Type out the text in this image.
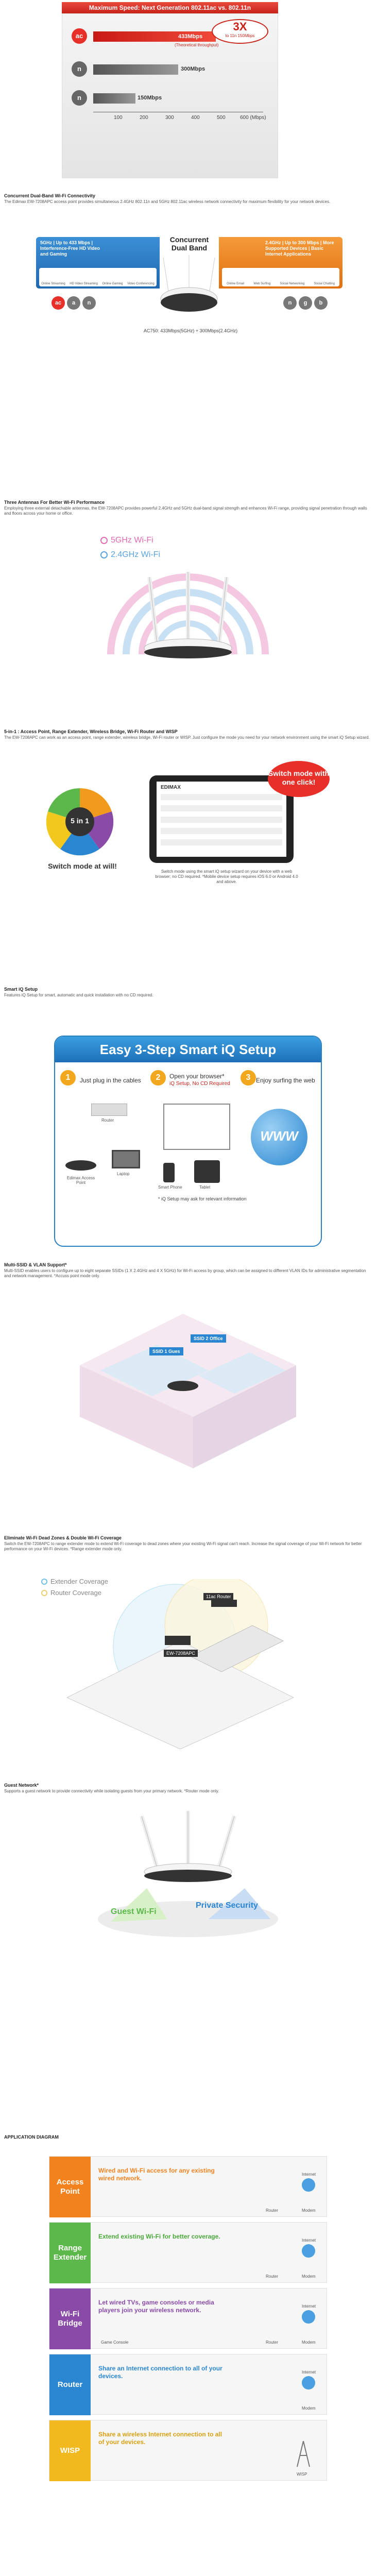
Maximum Speed: Next Generation 802.11ac vs. 802.11n
ac	433Mbps
(Theoretical throughput)
3X
to 11n 150Mbps
n	300Mbps
n	150Mbps
100	200	300	400	500	600 (Mbps)
Concurrent Dual-Band Wi-Fi Connectivity
The Edimax EW-7208APC access point provides simultaneous 2.4GHz 802.11n and 5GHz 802.11ac wireless network connectivity for maximum flexibility for your network devices.
5GHz | Up to 433 Mbps | Interference-Free HD Video and Gaming
Online Streaming HD Video Streaming Online Gaming Video Conferencing
2.4GHz | Up to 300 Mbps | More Supported Devices | Basic Internet Applications
Online Email	Web Surfing	Social Networking	Social Chatting
Concurrent Dual Band
ac	a	n	n	g	b
AC750: 433Mbps(5GHz) + 300Mbps(2.4GHz)
Three Antennas For Better Wi-Fi Performance
Employing three external detachable antennas, the EW-7208APC provides powerful 2.4GHz and 5GHz dual-band signal strength and enhances Wi-Fi range, providing signal penetration through walls and floors across your home or office.
5GHz Wi-Fi
2.4GHz Wi-Fi
5-in-1 : Access Point, Range Extender, Wireless Bridge, Wi-Fi Router and WISP
The EW-7208APC can work as an access point, range extender, wireless bridge, Wi-Fi router or WISP. Just configure the mode you need for your network environment using the smart iQ Setup wizard.
5 in 1
Switch mode at will!
EDIMAX
Switch mode with one click!
Switch mode using the smart iQ setup wizard on your device with a web browser; no CD required. *Mobile device setup requires iOS 6.0 or Android 4.0 and above.
Smart iQ Setup
Features iQ Setup for smart, automatic and quick installation with no CD required.
Easy 3-Step Smart iQ Setup
1	Just plug in the cables	2	Open your browser*
iQ Setup, No CD Required
3 Enjoy surfing the web
Router
Edimax Access Point
Laptop
Smart Phone	Tablet
WWW
* iQ Setup may ask for relevant information
Multi-SSID & VLAN Support*
Multi-SSID enables users to configure up to eight separate SSIDs (1 X 2.4GHz and 4 X 5GHz) for Wi-Fi access by group, which can be assigned to different VLAN IDs for administrative segmentation and network management. *Accuss point mode only.
SSID 1 Gues
SSID 2 Office
Eliminate Wi-Fi Dead Zones & Double Wi-Fi Coverage
Switch the EW-7208APC to range extender mode to extend Wi-Fi coverage to dead zones where your existing Wi-Fi signal can't reach. Increase the signal coverage of your Wi-Fi network for better performance on your Wi-Fi devices. *Range extender mode only.
Extender Coverage
Router Coverage	11ac Router
EW-7208APC
Guest Network*
Supports a guest network to provide connectivity while isolating guests from your primary network. *Router mode only.
Guest Wi-Fi
Private Security
APPLICATION DIAGRAM
Access Point
Wired and Wi-Fi access for any existing wired network.
Internet
Router	Modem
Range Extender
Extend existing Wi-Fi for better coverage.
Internet
Router	Modem
Wi-Fi Bridge
Let wired TVs, game consoles or media players join your wireless network.
Internet
Router	Modem
Game Console
Router
Share an Internet connection to all of your devices.
Internet
Modem
WISP
Share a wireless Internet connection to all of your devices.
WISP
